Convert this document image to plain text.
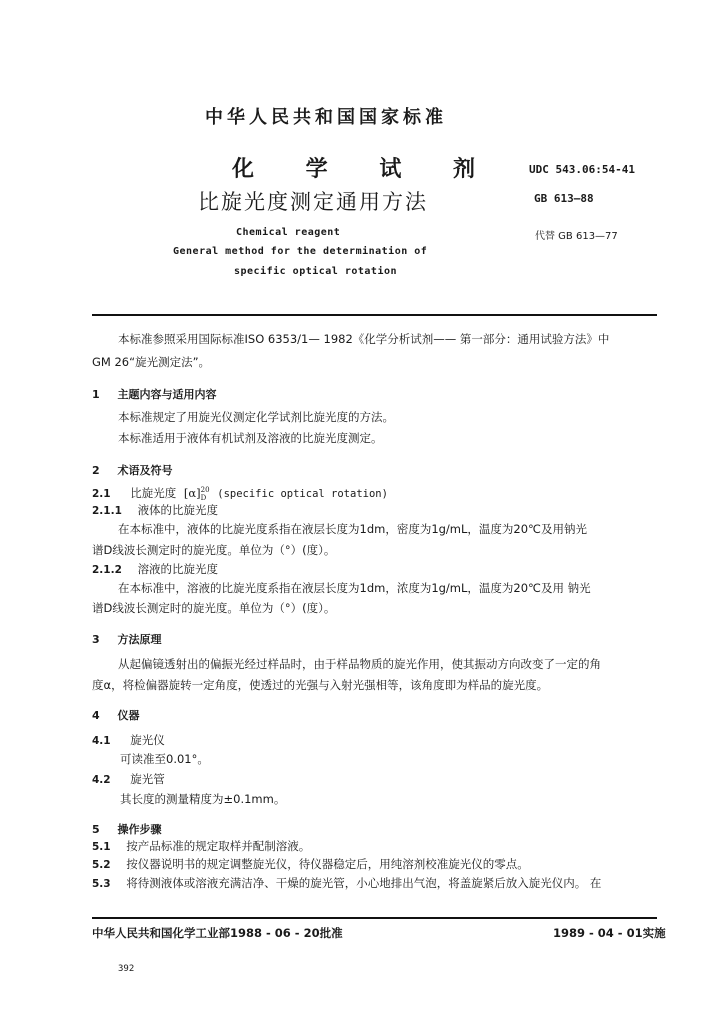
中华人民共和国国家标准
化 学 试 剂
比旋光度测定通用方法
UDC 543.06:54-41
GB 613—88
代替 GB 613—77
Chemical reagent
General method for the determination of
specific optical rotation
本标准参照采用国际标准ISO 6353/1— 1982《化学分析试剂—— 第一部分：通用试验方法》中
GM 26“旋光测定法”。
1 主题内容与适用内容
本标准规定了用旋光仪测定化学试剂比旋光度的方法。
本标准适用于液体有机试剂及溶液的比旋光度测定。
2 术语及符号
2.1 比旋光度 [α] 20
D	(specific optical rotation)
2.1.1 液体的比旋光度
在本标准中，液体的比旋光度系指在液层长度为1dm，密度为1g/mL，温度为20℃及用钠光
谱D线波长测定时的旋光度。单位为（°）(度）。
2.1.2 溶液的比旋光度
在本标准中，溶液的比旋光度系指在液层长度为1dm，浓度为1g/mL，温度为20℃及用 钠光
谱D线波长测定时的旋光度。单位为（°）(度）。
3 方法原理
从起偏镜透射出的偏振光经过样品时，由于样品物质的旋光作用，使其振动方向改变了一定的角
度α，将检偏器旋转一定角度，使透过的光强与入射光强相等，该角度即为样品的旋光度。
4 仪器
4.1 旋光仪
可读准至0.01°。
4.2 旋光管
其长度的测量精度为±0.1mm。
5 操作步骤
5.1 按产品标准的规定取样并配制溶液。
5.2 按仪器说明书的规定调整旋光仪，待仪器稳定后，用纯溶剂校准旋光仪的零点。
5.3 将待测液体或溶液充满洁净、干燥的旋光管，小心地排出气泡，将盖旋紧后放入旋光仪内。 在
中华人民共和国化学工业部1988 - 06 - 20批准	1989 - 04 - 01实施
392
